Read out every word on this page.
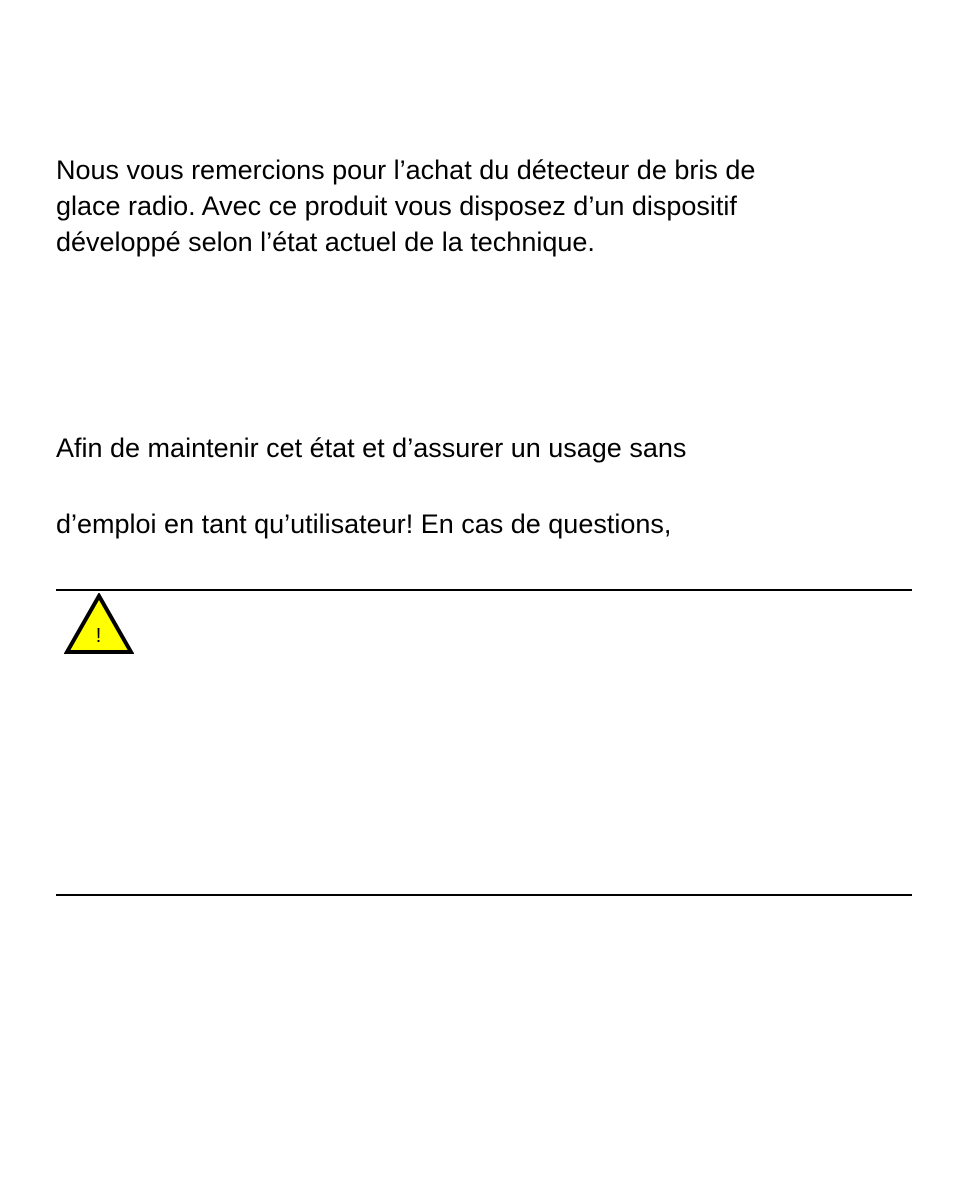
Nous vous remercions pour l’achat du détecteur de bris de
glace radio. Avec ce produit vous disposez d’un dispositif
développé selon l’état actuel de la technique.
Afin de maintenir cet état et d’assurer un usage sans
d’emploi en tant qu’utilisateur! En cas de questions,
!
